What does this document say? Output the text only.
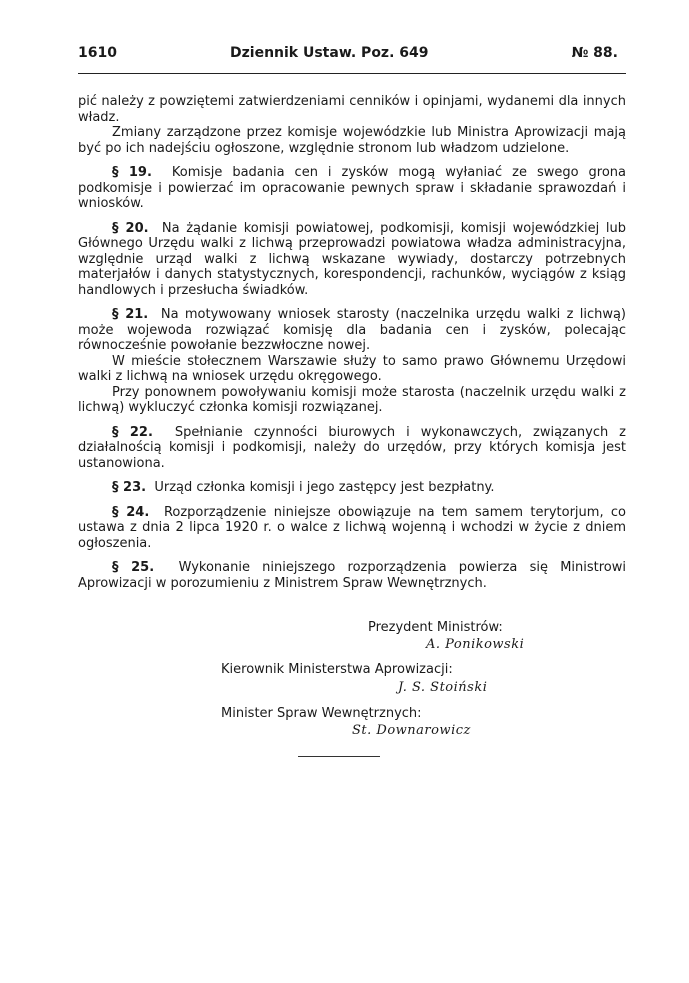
1610	Dziennik Ustaw. Poz. 649	№ 88.

pić należy z powziętemi zatwierdzeniami cenników i opinjami, wydanemi dla innych władz.

Zmiany zarządzone przez komisje wojewódzkie lub Ministra Aprowizacji mają być po ich nadejściu ogłoszone, względnie stronom lub władzom udzielone.

§ 19. Komisje badania cen i zysków mogą wyłaniać ze swego grona podkomisje i powierzać im opracowanie pewnych spraw i składanie sprawozdań i wniosków.

§ 20. Na żądanie komisji powiatowej, podkomisji, komisji wojewódzkiej lub Głównego Urzędu walki z lichwą przeprowadzi powiatowa władza administracyjna, względnie urząd walki z lichwą wskazane wywiady, dostarczy potrzebnych materjałów i danych statystycznych, korespondencji, rachunków, wyciągów z ksiąg handlowych i przesłucha świadków.

§ 21. Na motywowany wniosek starosty (naczelnika urzędu walki z lichwą) może wojewoda rozwiązać komisję dla badania cen i zysków, polecając równocześnie powołanie bezzwłoczne nowej.

W mieście stołecznem Warszawie służy to samo prawo Głównemu Urzędowi walki z lichwą na wniosek urzędu okręgowego.

Przy ponownem powoływaniu komisji może starosta (naczelnik urzędu walki z lichwą) wykluczyć członka komisji rozwiązanej.

§ 22. Spełnianie czynności biurowych i wykonawczych, związanych z działalnością komisji i podkomisji, należy do urzędów, przy których komisja jest ustanowiona.

§ 23. Urząd członka komisji i jego zastępcy jest bezpłatny.

§ 24. Rozporządzenie niniejsze obowiązuje na tem samem terytorjum, co ustawa z dnia 2 lipca 1920 r. o walce z lichwą wojenną i wchodzi w życie z dniem ogłoszenia.

§ 25. Wykonanie niniejszego rozporządzenia powierza się Ministrowi Aprowizacji w porozumieniu z Ministrem Spraw Wewnętrznych.

Prezydent Ministrów:
A. Ponikowski
Kierownik Ministerstwa Aprowizacji:
J. S. Stoiński
Minister Spraw Wewnętrznych:
St. Downarowicz
